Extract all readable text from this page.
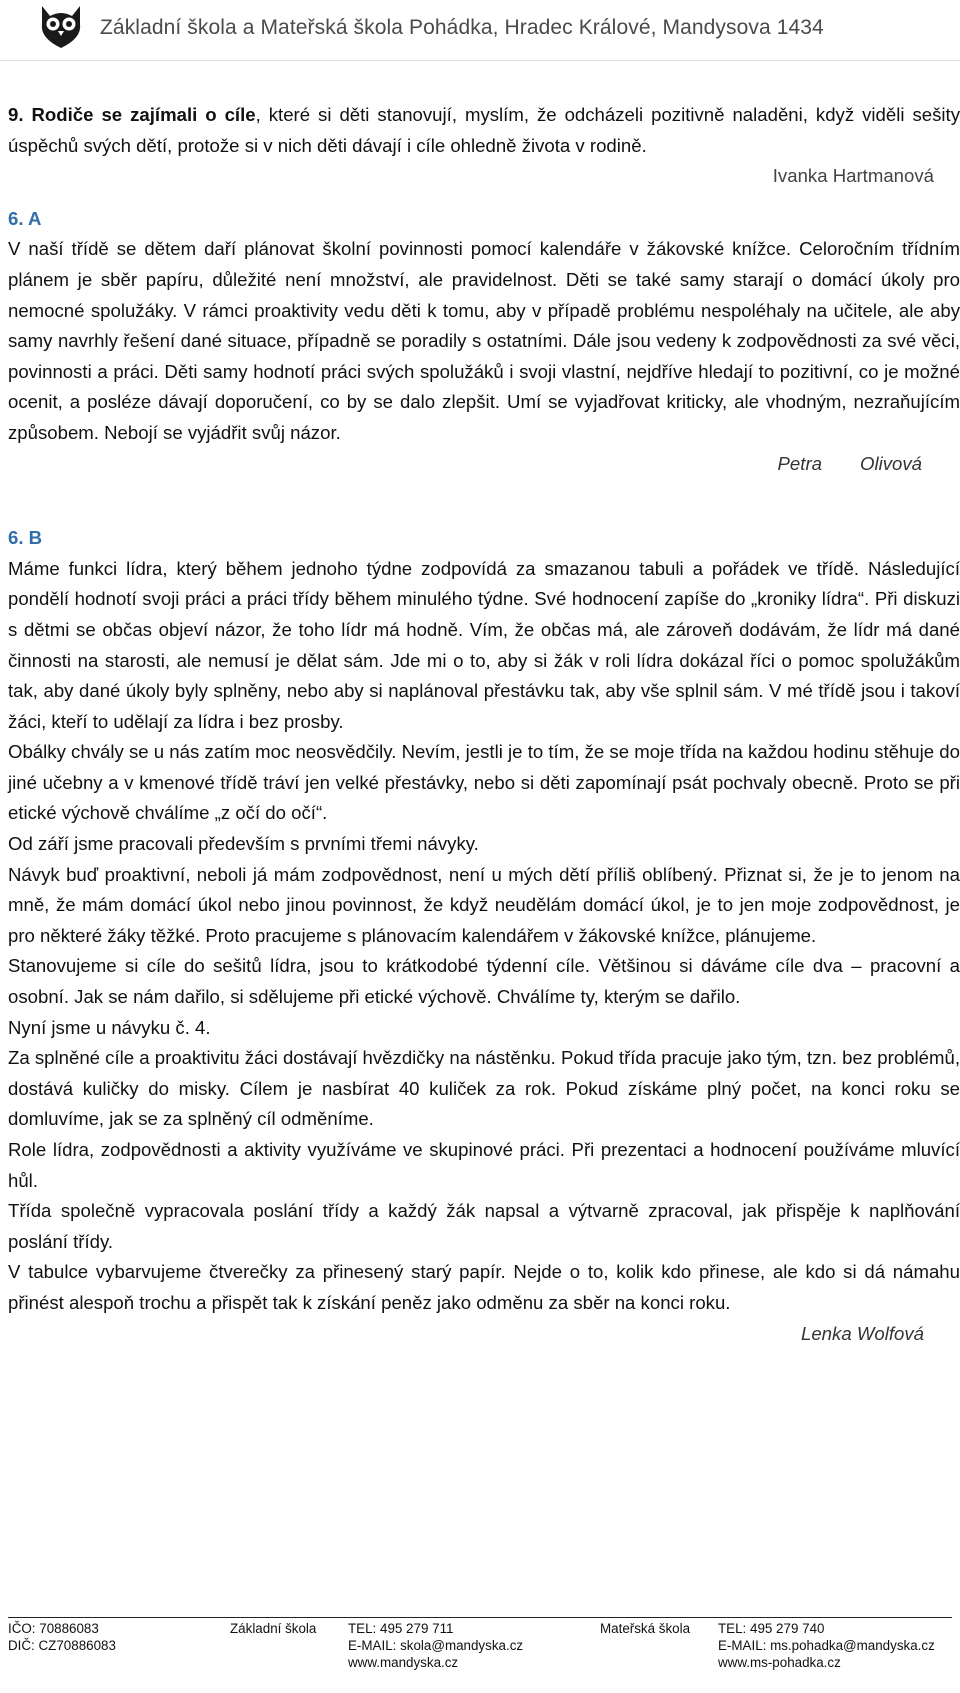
Základní škola a Mateřská škola Pohádka, Hradec Králové, Mandysova 1434

9. Rodiče se zajímali o cíle, které si děti stanovují, myslím, že odcházeli pozitivně naladěni, když viděli sešity úspěchů svých dětí, protože si v nich děti dávají i cíle ohledně života v rodině.

Ivanka Hartmanová

6. A

V naší třídě se dětem daří plánovat školní povinnosti pomocí kalendáře v žákovské knížce. Celoročním třídním plánem je sběr papíru, důležité není množství, ale pravidelnost. Děti se také samy starají o domácí úkoly pro nemocné spolužáky. V rámci proaktivity vedu děti k tomu, aby v případě problému nespoléhaly na učitele, ale aby samy navrhly řešení dané situace, případně se poradily s ostatními. Dále jsou vedeny k zodpovědnosti za své věci, povinnosti a práci. Děti samy hodnotí práci svých spolužáků i svoji vlastní, nejdříve hledají to pozitivní, co je možné ocenit, a posléze dávají doporučení, co by se dalo zlepšit. Umí se vyjadřovat kriticky, ale vhodným, nezraňujícím způsobem. Nebojí se vyjádřit svůj názor.

Petra Olivová

6. B

Máme funkci lídra, který během jednoho týdne zodpovídá za smazanou tabuli a pořádek ve třídě. Následující pondělí hodnotí svoji práci a práci třídy během minulého týdne. Své hodnocení zapíše do „kroniky lídra“. Při diskuzi s dětmi se občas objeví názor, že toho lídr má hodně. Vím, že občas má, ale zároveň dodávám, že lídr má dané činnosti na starosti, ale nemusí je dělat sám. Jde mi o to, aby si žák v roli lídra dokázal říci o pomoc spolužákům tak, aby dané úkoly byly splněny, nebo aby si naplánoval přestávku tak, aby vše splnil sám. V mé třídě jsou i takoví žáci, kteří to udělají za lídra i bez prosby.

Obálky chvály se u nás zatím moc neosvědčily. Nevím, jestli je to tím, že se moje třída na každou hodinu stěhuje do jiné učebny a v kmenové třídě tráví jen velké přestávky, nebo si děti zapomínají psát pochvaly obecně. Proto se při etické výchově chválíme „z očí do očí“.

Od září jsme pracovali především s prvními třemi návyky.

Návyk buď proaktivní, neboli já mám zodpovědnost, není u mých dětí příliš oblíbený. Přiznat si, že je to jenom na mně, že mám domácí úkol nebo jinou povinnost, že když neudělám domácí úkol, je to jen moje zodpovědnost, je pro některé žáky těžké. Proto pracujeme s plánovacím kalendářem v žákovské knížce, plánujeme.

Stanovujeme si cíle do sešitů lídra, jsou to krátkodobé týdenní cíle. Většinou si dáváme cíle dva – pracovní a osobní. Jak se nám dařilo, si sdělujeme při etické výchově. Chválíme ty, kterým se dařilo.

Nyní jsme u návyku č. 4.

Za splněné cíle a proaktivitu žáci dostávají hvězdičky na nástěnku. Pokud třída pracuje jako tým, tzn. bez problémů, dostává kuličky do misky. Cílem je nasbírat 40 kuliček za rok. Pokud získáme plný počet, na konci roku se domluvíme, jak se za splněný cíl odměníme.

Role lídra, zodpovědnosti a aktivity využíváme ve skupinové práci. Při prezentaci a hodnocení používáme mluvící hůl.

Třída společně vypracovala poslání třídy a každý žák napsal a výtvarně zpracoval, jak přispěje k naplňování poslání třídy.

V tabulce vybarvujeme čtverečky za přinesený starý papír. Nejde o to, kolik kdo přinese, ale kdo si dá námahu přinést alespoň trochu a přispět tak k získání peněz jako odměnu za sběr na konci roku.

Lenka Wolfová

IČO: 70886083
DIČ: CZ70886083
Základní škola TEL: 495 279 711
E-MAIL: skola@mandyska.cz
www.mandyska.cz
Mateřská škola TEL: 495 279 740
E-MAIL: ms.pohadka@mandyska.cz
www.ms-pohadka.cz
